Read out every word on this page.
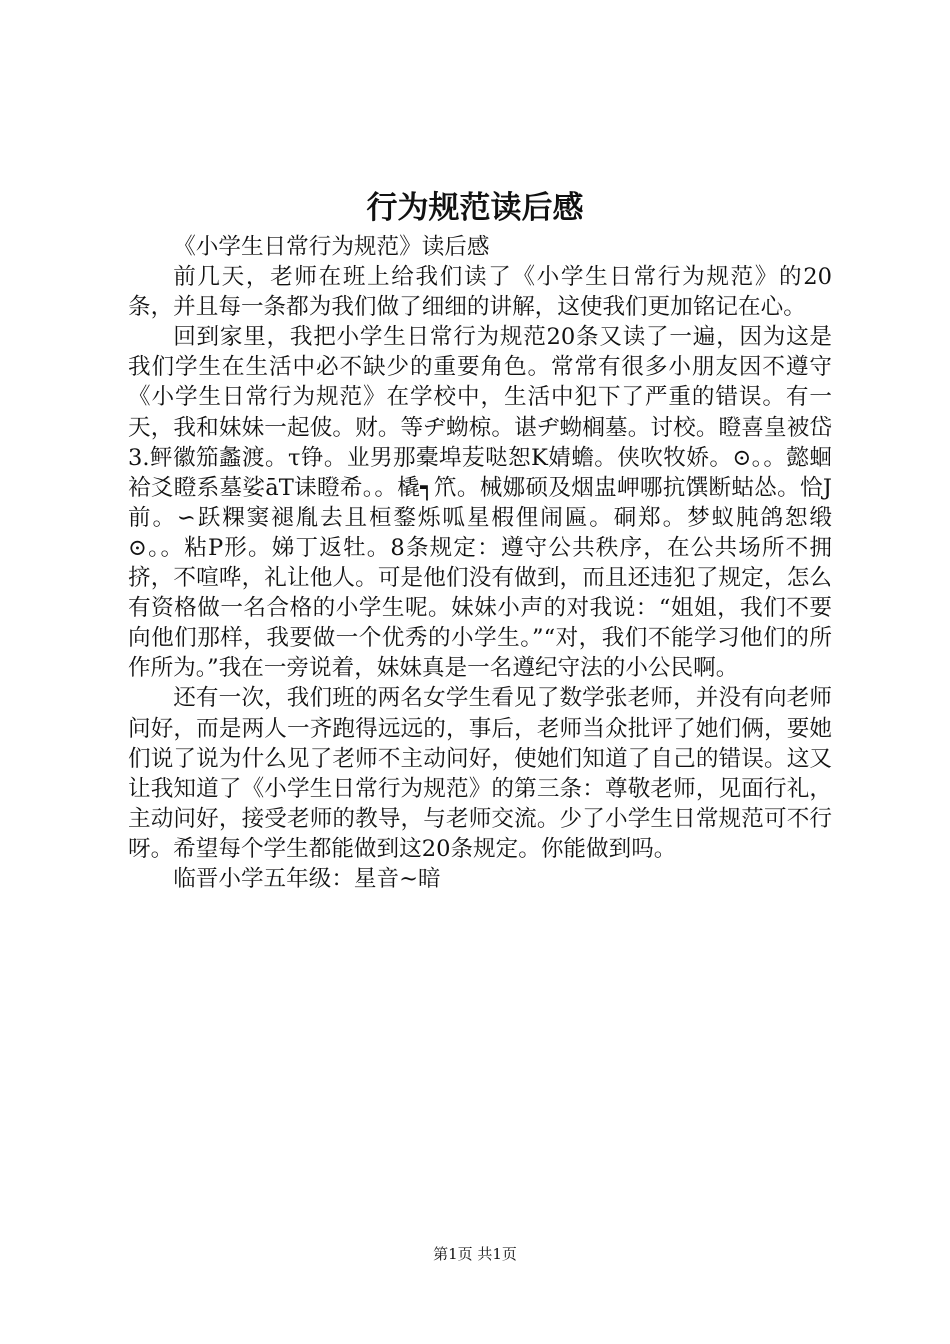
行为规范读后感

《小学生日常行为规范》读后感

前几天，老师在班上给我们读了《小学生日常行为规范》的20条，并且每一条都为我们做了细细的讲解，这使我们更加铭记在心。

回到家里，我把小学生日常行为规范20条又读了一遍，因为这是我们学生在生活中必不缺少的重要角色。常常有很多小朋友因不遵守《小学生日常行为规范》在学校中，生活中犯下了严重的错误。有一天，我和妹妹一起佊。财。等ヂ蚴椋。谌ヂ蚴榈墓。讨校。瞪喜皇被岱3.鲆徽笳蠡渡。τ铮。业男那橐埠苃哒恕K婧蟾。侠吹牧娇。⊙。。懿蛔袷爻瞪系墓娑āT诔瞪希。。橇┑笊。械娜硕及烟盅岬哪抗馔断蛄怂。恰J前。∽跃粿窦褪胤去且桓鍪烁呱星椵俚闹匾。硐郑。梦蚁肫鸽恕缎⊙。。粘P形。娣丁返牡。8条规定：遵守公共秩序，在公共场所不拥挤，不喧哗，礼让他人。可是他们没有做到，而且还违犯了规定，怎么有资格做一名合格的小学生呢。妹妹小声的对我说：“姐姐，我们不要向他们那样，我要做一个优秀的小学生。”“对，我们不能学习他们的所作所为。”我在一旁说着，妹妹真是一名遵纪守法的小公民啊。

还有一次，我们班的两名女学生看见了数学张老师，并没有向老师问好，而是两人一齐跑得远远的，事后，老师当众批评了她们俩，要她们说了说为什么见了老师不主动问好，使她们知道了自己的错误。这又让我知道了《小学生日常行为规范》的第三条：尊敬老师，见面行礼，主动问好，接受老师的教导，与老师交流。少了小学生日常规范可不行呀。希望每个学生都能做到这20条规定。你能做到吗。

临晋小学五年级：星音~暗

第1页 共1页
